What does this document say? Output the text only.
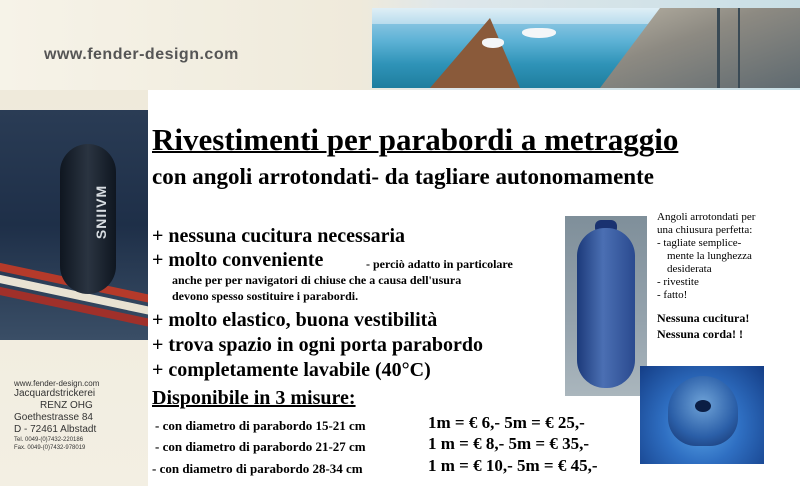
www.fender-design.com
SNIIVM
www.fender-design.com
Jacquardstrickerei
RENZ OHG
Goethestrasse 84
D - 72461 Albstadt
Tel. 0049-(0)7432-220186
Fax. 0049-(0)7432-978019
Rivestimenti per parabordi a metraggio
con angoli arrotondati- da tagliare autonomamente
+ nessuna cucitura necessaria
+ molto conveniente	- perciò adatto in particolare
anche per per navigatori di chiuse che a causa dell'usura
devono spesso sostituire i parabordi.
+ molto elastico, buona vestibilità
+ trova spazio in ogni porta parabordo
+ completamente lavabile (40°C)
Disponibile in 3 misure:
- con diametro di parabordo 15-21 cm	1m = € 6,- 5m = € 25,-
- con diametro di parabordo 21-27 cm	1 m = € 8,- 5m = € 35,-
- con diametro di parabordo 28-34 cm	1 m = € 10,- 5m = € 45,-
Angoli arrotondati per
una chiusura perfetta:
- tagliate semplice-
mente la lunghezza
desiderata
- rivestite
- fatto!
Nessuna cucitura!
Nessuna corda! !
